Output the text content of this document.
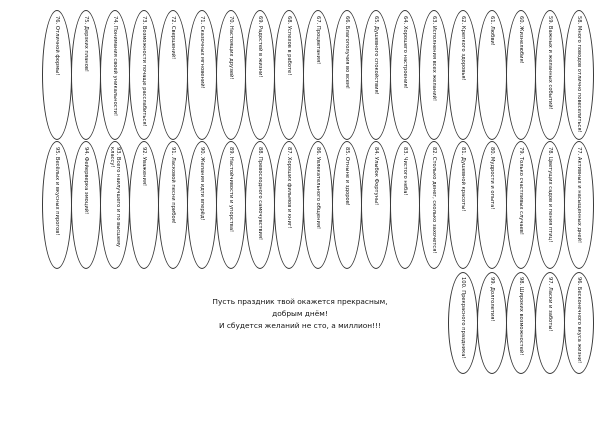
Пусть праздник твой окажется прекрасным,
добрым днём!
И сбудется желаний не сто, а миллион!!!
58. Много поводов отлично повеселиться!
59. Важных и желанных событий!
60. Жизнелюбия!
61. Любви!
62. Крепкого здоровья!
63. Исполнения всех желаний!
64. Хорошего настроения!
65. Душевного спокойствия!
66. Благополучия во всем!
67. Процветания!
68. Успехов в работе!
69. Радостей в жизни!
70. Настоящих друзей!
71. Сказочных мгновений!
72. Свершений!
73. Возможности почаще расслабиться!
74. Понимания своей уникальности!
75. Дерзких планов!
76. Отличной формы!
77. Активных и насыщенных дней!
78. Цветущих садов и пения птиц!
79. Только счастливых случаев!
80. Мудрости и опыта!
81. Душевной красоты!
82. Столько денег, сколько захочется!
83. Чистого неба!
84. Улыбок Фортуны!
85. Отныне и здоров!
86. Увлекательного общения!
87. Хороших фильмов и книг!
88. Превосходного самочувствия!
89. Настойчивости и упорства!
90. Желания идти вперёд!
91. Ласковой песни прибоя!
92. Уважения!
93. Всего наилучшего и по высшему классу!
94. Фейерверка эмоций!
95. Весёлых и вкусных пирогов!
96. Бесконечного вкуса жизни!
97. Ласки и заботы!
98. Широких возможностей!
99. Долголетия!
100. Прекрасного праздника!
